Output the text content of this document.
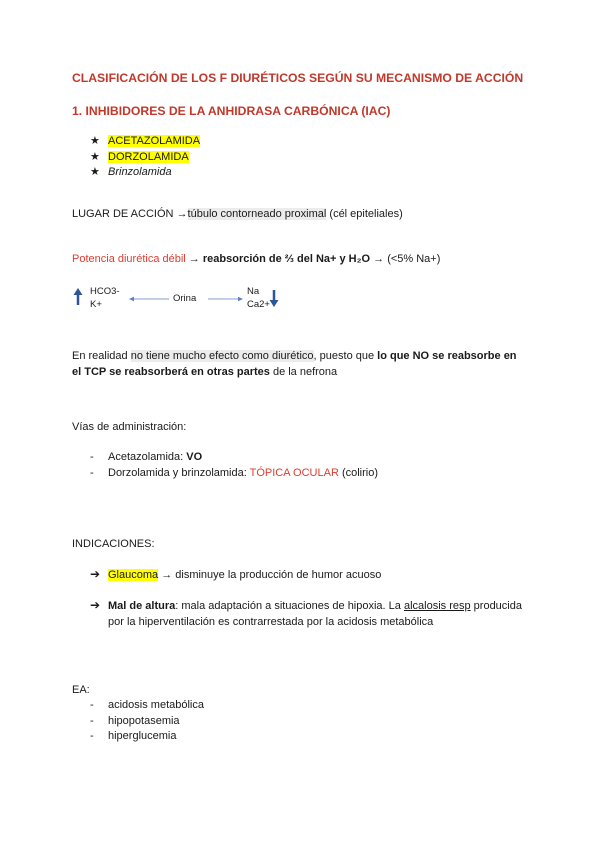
CLASIFICACIÓN DE LOS F DIURÉTICOS SEGÚN SU MECANISMO DE ACCIÓN
1. INHIBIDORES DE LA ANHIDRASA CARBÓNICA (IAC)
★ ACETAZOLAMIDA
★ DORZOLAMIDA
★ Brinzolamida
LUGAR DE ACCIÓN →túbulo contorneado proximal (cél epiteliales)
Potencia diurética débil → reabsorción de ⅔ del Na+ y H₂O → (<5% Na+)
HCO3-
K+
Orina
Na
Ca2+
En realidad no tiene mucho efecto como diurético, puesto que lo que NO se reabsorbe en
el TCP se reabsorberá en otras partes de la nefrona
Vías de administración:
- Acetazolamida: VO
- Dorzolamida y brinzolamida: TÓPICA OCULAR (colirio)
INDICACIONES:
➔ Glaucoma → disminuye la producción de humor acuoso
➔ Mal de altura: mala adaptación a situaciones de hipoxia. La alcalosis resp producida
por la hiperventilación es contrarrestada por la acidosis metabólica
EA:
- acidosis metabólica
- hipopotasemia
- hiperglucemia
